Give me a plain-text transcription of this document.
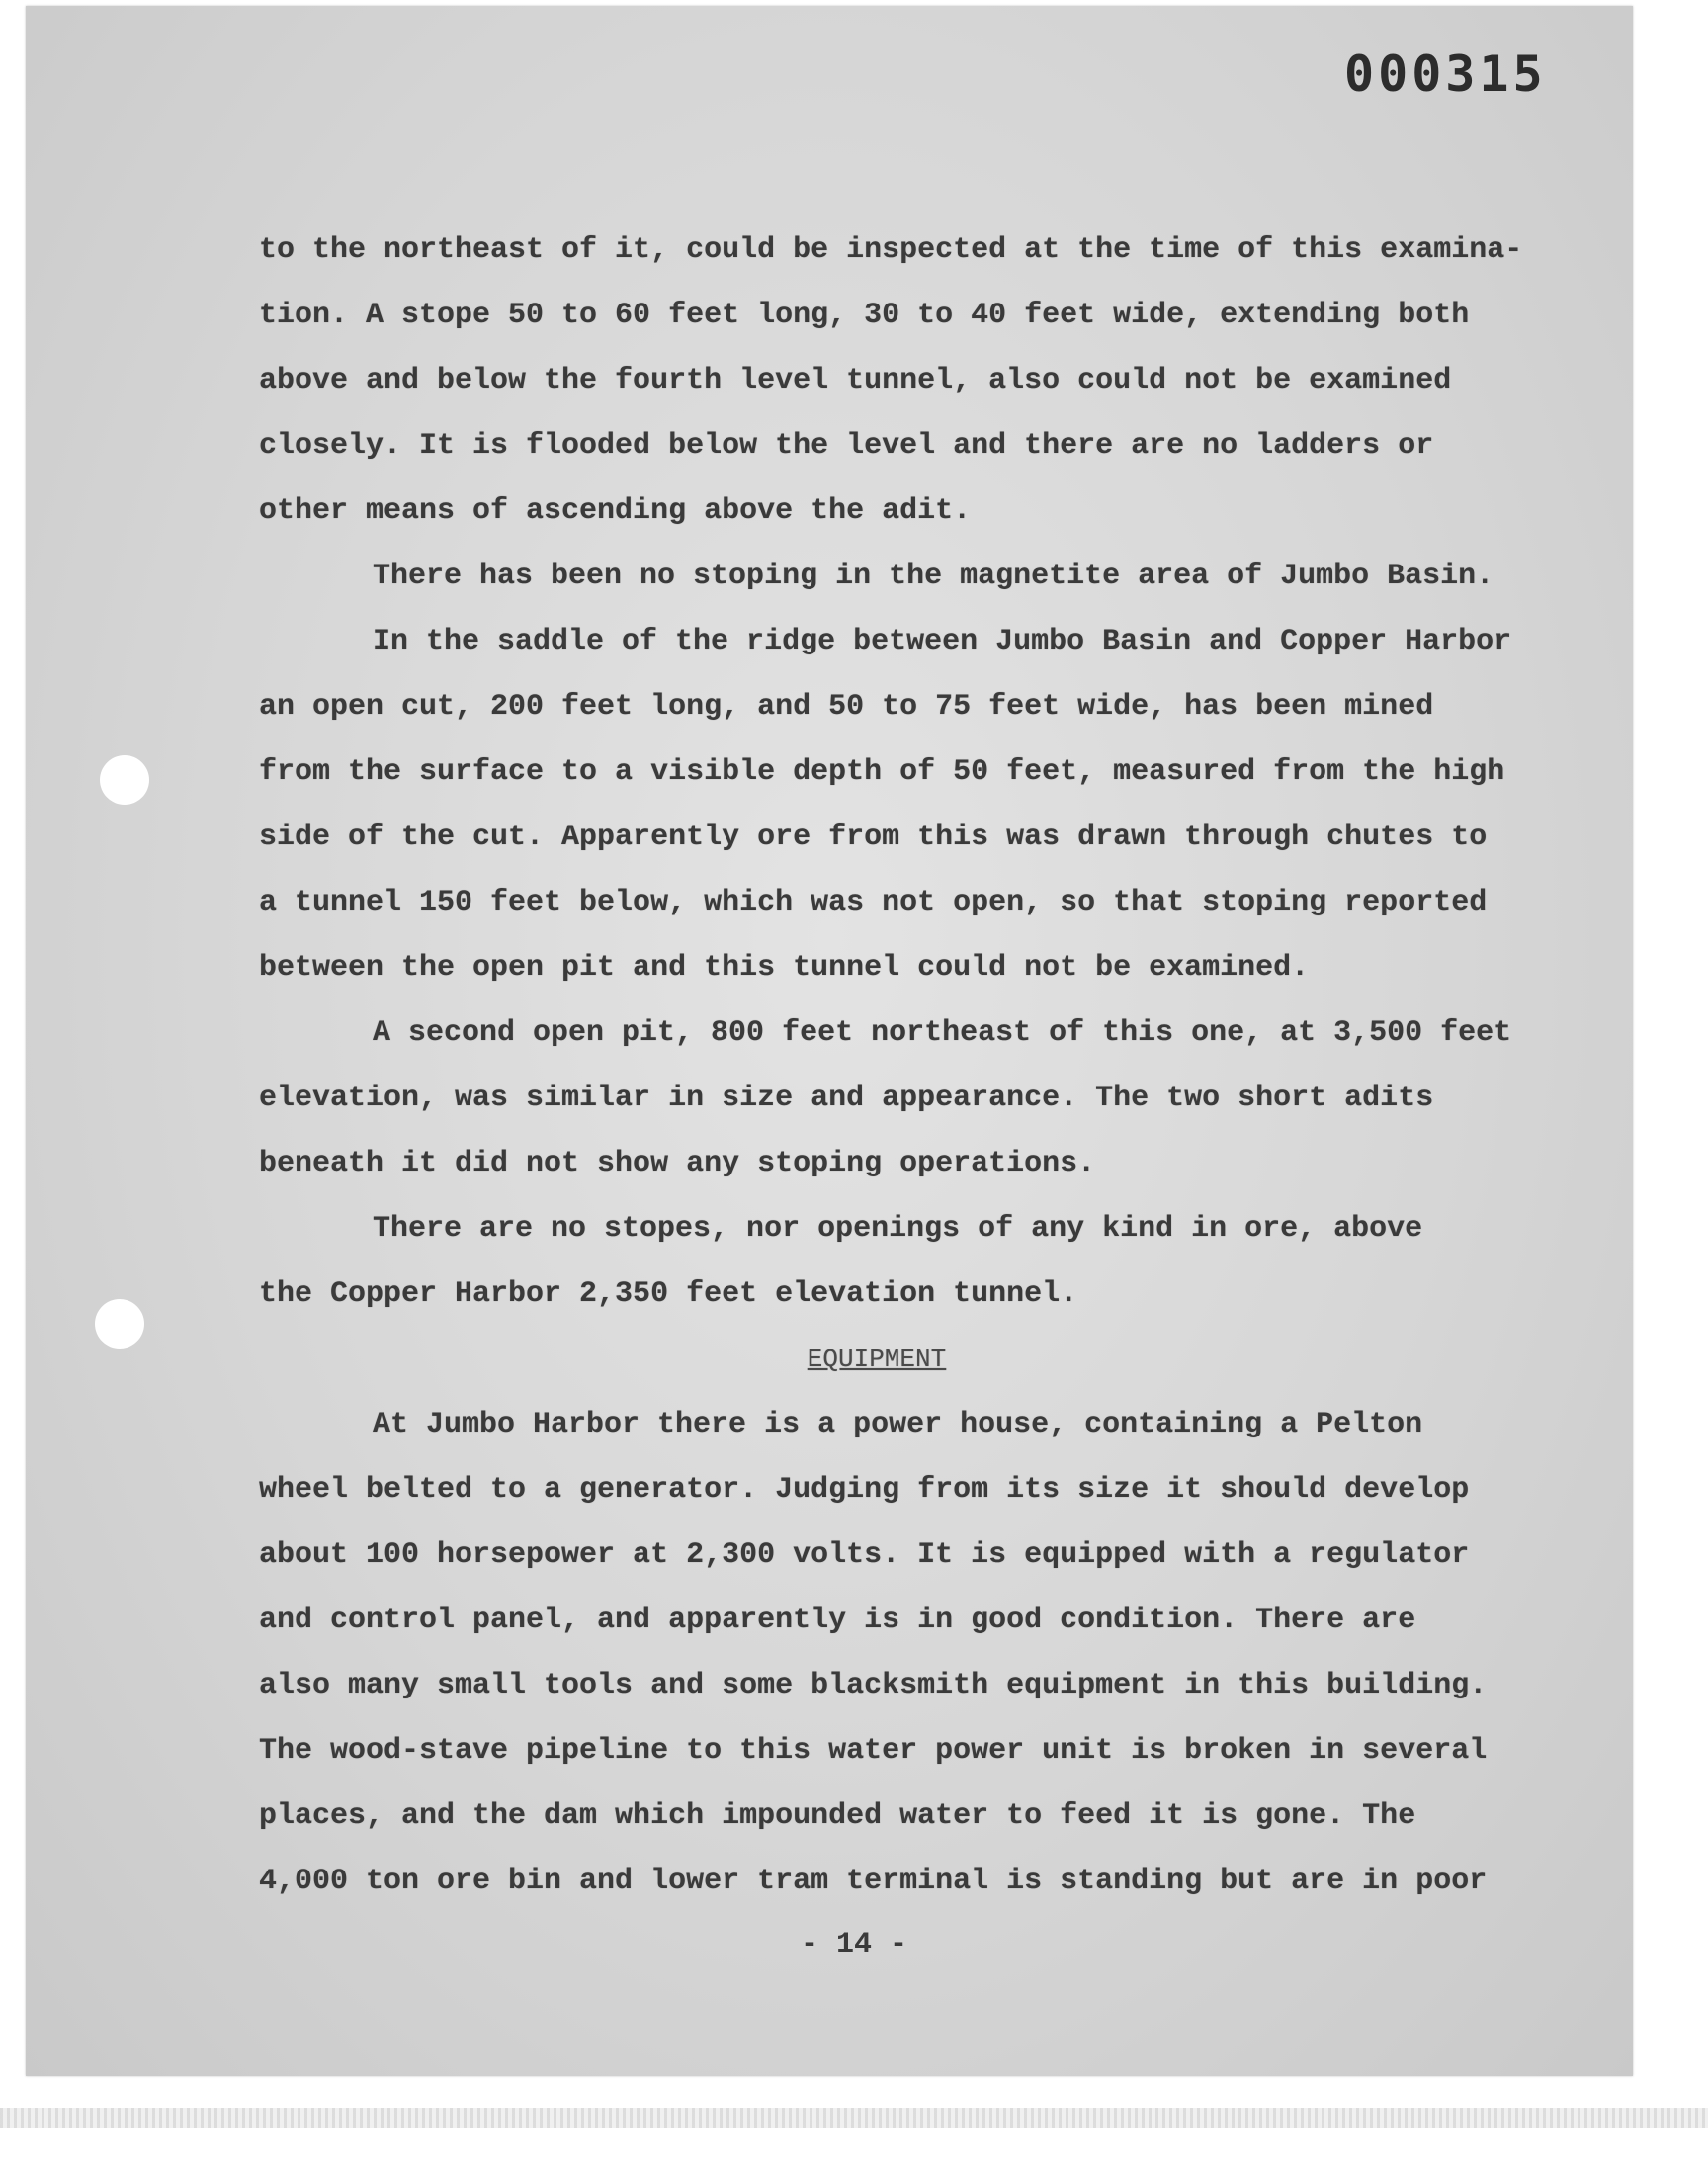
000315
to the northeast of it, could be inspected at the time of this examina-
tion. A stope 50 to 60 feet long, 30 to 40 feet wide, extending both
above and below the fourth level tunnel, also could not be examined
closely. It is flooded below the level and there are no ladders or
other means of ascending above the adit.
There has been no stoping in the magnetite area of Jumbo Basin.
In the saddle of the ridge between Jumbo Basin and Copper Harbor
an open cut, 200 feet long, and 50 to 75 feet wide, has been mined
from the surface to a visible depth of 50 feet, measured from the high
side of the cut. Apparently ore from this was drawn through chutes to
a tunnel 150 feet below, which was not open, so that stoping reported
between the open pit and this tunnel could not be examined.
A second open pit, 800 feet northeast of this one, at 3,500 feet
elevation, was similar in size and appearance. The two short adits
beneath it did not show any stoping operations.
There are no stopes, nor openings of any kind in ore, above
the Copper Harbor 2,350 feet elevation tunnel.
EQUIPMENT
At Jumbo Harbor there is a power house, containing a Pelton
wheel belted to a generator. Judging from its size it should develop
about 100 horsepower at 2,300 volts. It is equipped with a regulator
and control panel, and apparently is in good condition. There are
also many small tools and some blacksmith equipment in this building.
The wood-stave pipeline to this water power unit is broken in several
places, and the dam which impounded water to feed it is gone. The
4,000 ton ore bin and lower tram terminal is standing but are in poor
- 14 -
